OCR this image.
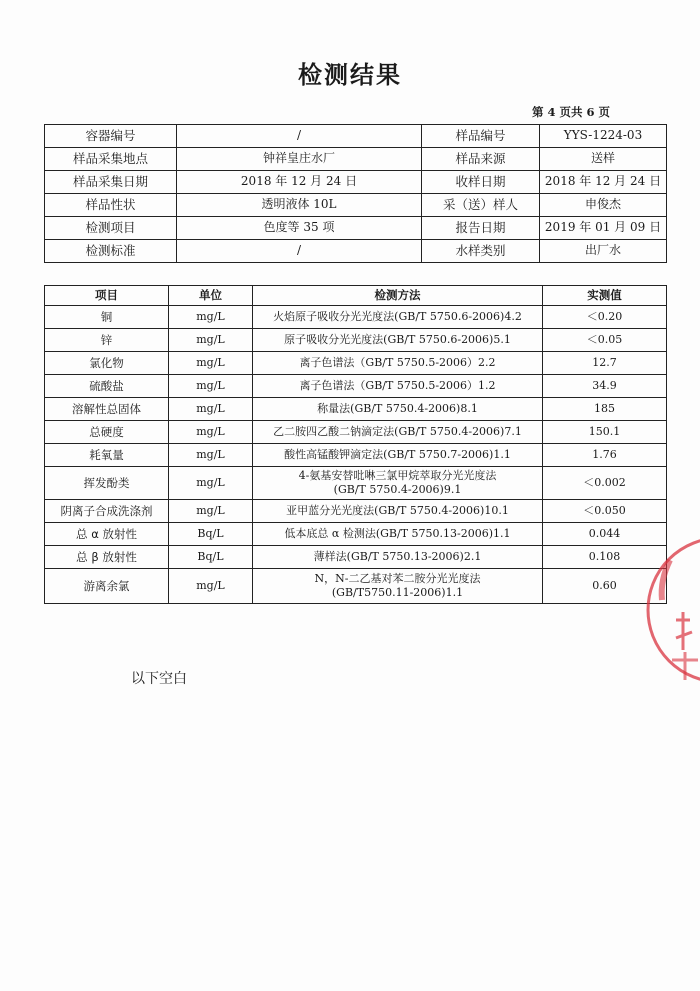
检测结果
第 4 页共 6 页
容器编号	/	样品编号	YYS-1224-03
样品采集地点	钟祥皇庄水厂	样品来源	送样
样品采集日期	2018 年 12 月 24 日	收样日期	2018 年 12 月 24 日
样品性状	透明液体 10L	采（送）样人	申俊杰
检测项目	色度等 35 项	报告日期	2019 年 01 月 09 日
检测标准	/	水样类别	出厂水
项目	单位	检测方法	实测值
铜	mg/L	火焰原子吸收分光光度法(GB/T 5750.6-2006)4.2	＜0.20
锌	mg/L	原子吸收分光光度法(GB/T 5750.6-2006)5.1	＜0.05
氯化物	mg/L	离子色谱法（GB/T 5750.5-2006）2.2	12.7
硫酸盐	mg/L	离子色谱法（GB/T 5750.5-2006）1.2	34.9
溶解性总固体	mg/L	称量法(GB/T 5750.4-2006)8.1	185
总硬度	mg/L	乙二胺四乙酸二钠滴定法(GB/T 5750.4-2006)7.1	150.1
耗氧量	mg/L	酸性高锰酸钾滴定法(GB/T 5750.7-2006)1.1	1.76
挥发酚类	mg/L	4-氨基安替吡啉三氯甲烷萃取分光光度法
(GB/T 5750.4-2006)9.1	＜0.002
阴离子合成洗涤剂	mg/L	亚甲蓝分光光度法(GB/T 5750.4-2006)10.1	＜0.050
总 α 放射性	Bq/L	低本底总 α 检测法(GB/T 5750.13-2006)1.1	0.044
总 β 放射性	Bq/L	薄样法(GB/T 5750.13-2006)2.1	0.108
游离余氯	mg/L	N，N-二乙基对苯二胺分光光度法
(GB/T5750.11-2006)1.1	0.60
以下空白
